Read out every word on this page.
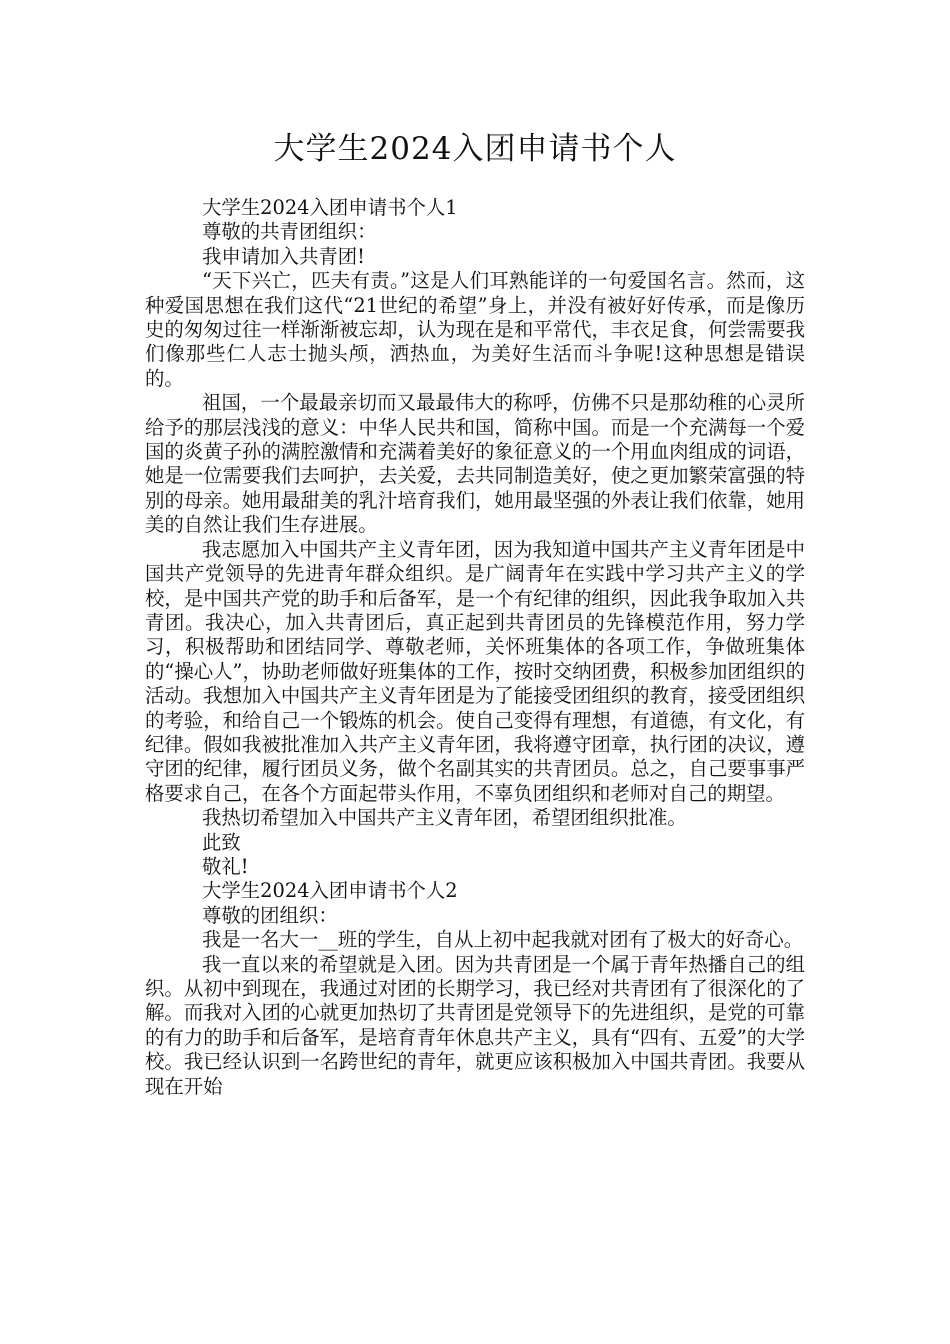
大学生2024入团申请书个人

大学生2024入团申请书个人1

尊敬的共青团组织：

我申请加入共青团!

“天下兴亡，匹夫有责。”这是人们耳熟能详的一句爱国名言。然而，这种爱国思想在我们这代“21世纪的希望”身上，并没有被好好传承，而是像历史的匆匆过往一样渐渐被忘却，认为现在是和平常代，丰衣足食，何尝需要我们像那些仁人志士抛头颅，洒热血，为美好生活而斗争呢!这种思想是错误的。

祖国，一个最最亲切而又最最伟大的称呼，仿佛不只是那幼稚的心灵所给予的那层浅浅的意义：中华人民共和国，简称中国。而是一个充满每一个爱国的炎黄子孙的满腔激情和充满着美好的象征意义的一个用血肉组成的词语，她是一位需要我们去呵护，去关爱，去共同制造美好，使之更加繁荣富强的特别的母亲。她用最甜美的乳汁培育我们，她用最坚强的外表让我们依靠，她用美的自然让我们生存进展。

我志愿加入中国共产主义青年团，因为我知道中国共产主义青年团是中国共产党领导的先进青年群众组织。是广阔青年在实践中学习共产主义的学校，是中国共产党的助手和后备军，是一个有纪律的组织，因此我争取加入共青团。我决心，加入共青团后，真正起到共青团员的先锋模范作用，努力学习，积极帮助和团结同学、尊敬老师，关怀班集体的各项工作，争做班集体的“操心人”，协助老师做好班集体的工作，按时交纳团费，积极参加团组织的活动。我想加入中国共产主义青年团是为了能接受团组织的教育，接受团组织的考验，和给自己一个锻炼的机会。使自己变得有理想，有道德，有文化，有纪律。假如我被批准加入共产主义青年团，我将遵守团章，执行团的决议，遵守团的纪律，履行团员义务，做个名副其实的共青团员。总之，自己要事事严格要求自己，在各个方面起带头作用，不辜负团组织和老师对自己的期望。

我热切希望加入中国共产主义青年团，希望团组织批准。

此致

敬礼!

大学生2024入团申请书个人2

尊敬的团组织：

我是一名大一__班的学生，自从上初中起我就对团有了极大的好奇心。

我一直以来的希望就是入团。因为共青团是一个属于青年热播自己的组织。从初中到现在，我通过对团的长期学习，我已经对共青团有了很深化的了解。而我对入团的心就更加热切了共青团是党领导下的先进组织，是党的可靠的有力的助手和后备军，是培育青年休息共产主义，具有“四有、五爱”的大学校。我已经认识到一名跨世纪的青年，就更应该积极加入中国共青团。我要从现在开始
